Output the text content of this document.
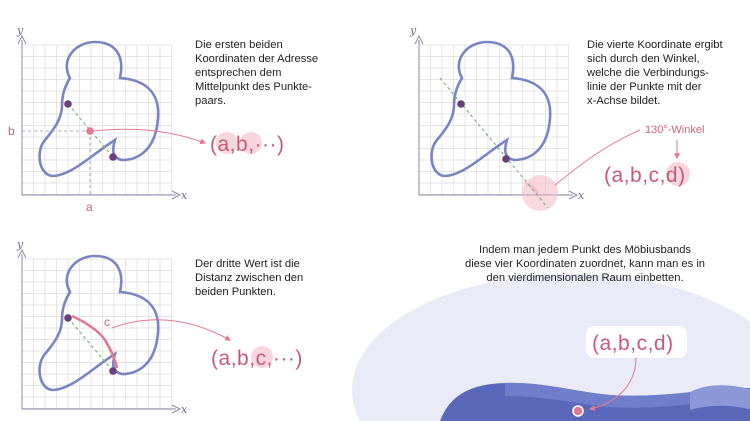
y
x
b
a
(a,b,···)
y
x
130°-Winkel
(a,b,c,d)
y
x
c
(a,b,c,···)
(a,b,c,d)

Die ersten beiden
Koordinaten der Adresse
entsprechen dem
Mittelpunkt des Punkte-
paars.

Die vierte Koordinate ergibt
sich durch den Winkel,
welche die Verbindungs-
linie der Punkte mit der
x-Achse bildet.

Der dritte Wert ist die
Distanz zwischen den
beiden Punkten.

Indem man jedem Punkt des Möbiusbands
diese vier Koordinaten zuordnet, kann man es in
den vierdimensionalen Raum einbetten.
